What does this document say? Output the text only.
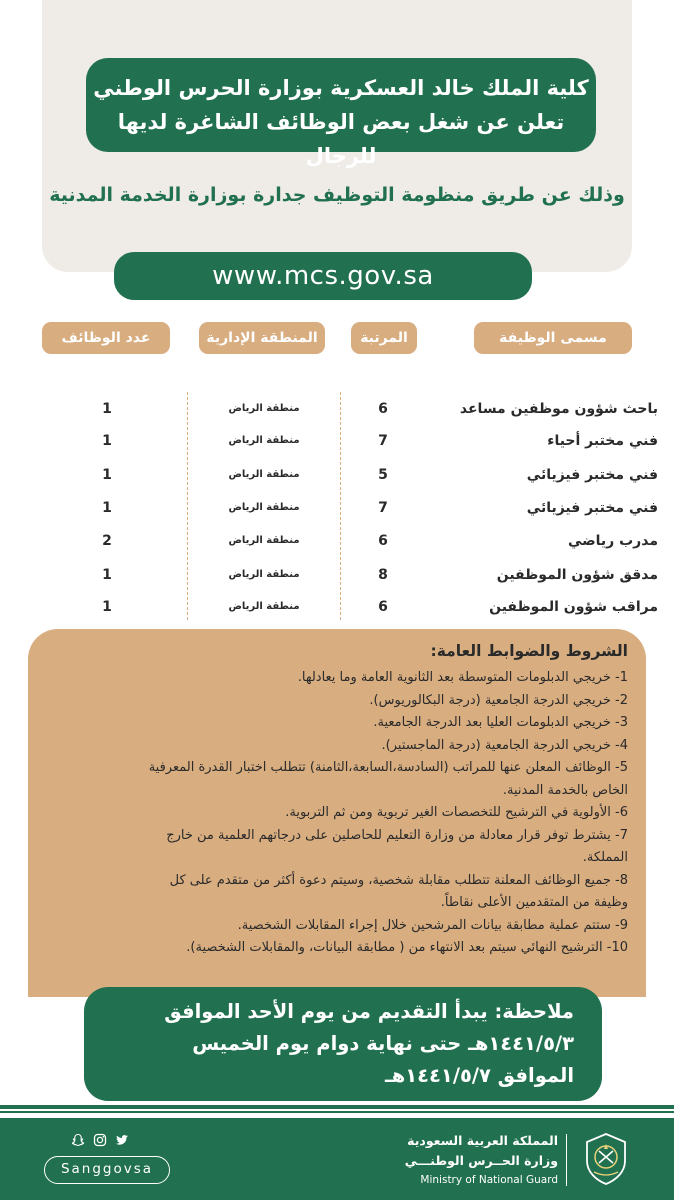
كلية الملك خالد العسكرية بوزارة الحرس الوطني
تعلن عن شغل بعض الوظائف الشاغرة لديها للرجال
وذلك عن طريق منظومة التوظيف جدارة بوزارة الخدمة المدنية
www.mcs.gov.sa
مسمى الوظيفة
المرتبة
المنطقة الإدارية
عدد الوظائف
باحث شؤون موظفين مساعد
6
منطقة الرياض
1
فني مختبر أحياء
7
منطقة الرياض
1
فني مختبر فيزيائي
5
منطقة الرياض
1
فني مختبر فيزيائي
7
منطقة الرياض
1
مدرب رياضي
6
منطقة الرياض
2
مدقق شؤون الموظفين
8
منطقة الرياض
1
مراقب شؤون الموظفين
6
منطقة الرياض
1
الشروط والضوابط العامة:
1- خريجي الدبلومات المتوسطة بعد الثانوية العامة وما يعادلها.
2- خريجي الدرجة الجامعية (درجة البكالوريوس).
3- خريجي الدبلومات العليا بعد الدرجة الجامعية.
4- خريجي الدرجة الجامعية (درجة الماجستير).
5- الوظائف المعلن عنها للمراتب (السادسة،السابعة،الثامنة) تتطلب اختبار القدرة المعرفية
الخاص بالخدمة المدنية.
6- الأولوية في الترشيح للتخصصات الغير تربوية ومن ثم التربوية.
7- يشترط توفر قرار معادلة من وزارة التعليم للحاصلين على درجاتهم العلمية من خارج
المملكة.
8- جميع الوظائف المعلنة تتطلب مقابلة شخصية، وسيتم دعوة أكثر من متقدم على كل
وظيفة من المتقدمين الأعلى نقاطاً.
9- ستتم عملية مطابقة بيانات المرشحين خلال إجراء المقابلات الشخصية.
10- الترشيح النهائي سيتم بعد الانتهاء من ( مطابقة البيانات، والمقابلات الشخصية).
ملاحظة: يبدأ التقديم من يوم الأحد الموافق
١٤٤١/٥/٣هـ حتى نهاية دوام يوم الخميس
الموافق ١٤٤١/٥/٧هـ
Sanggovsa
المملكة العربية السعودية
وزارة الحــرس الوطنـــي
Ministry of National Guard
